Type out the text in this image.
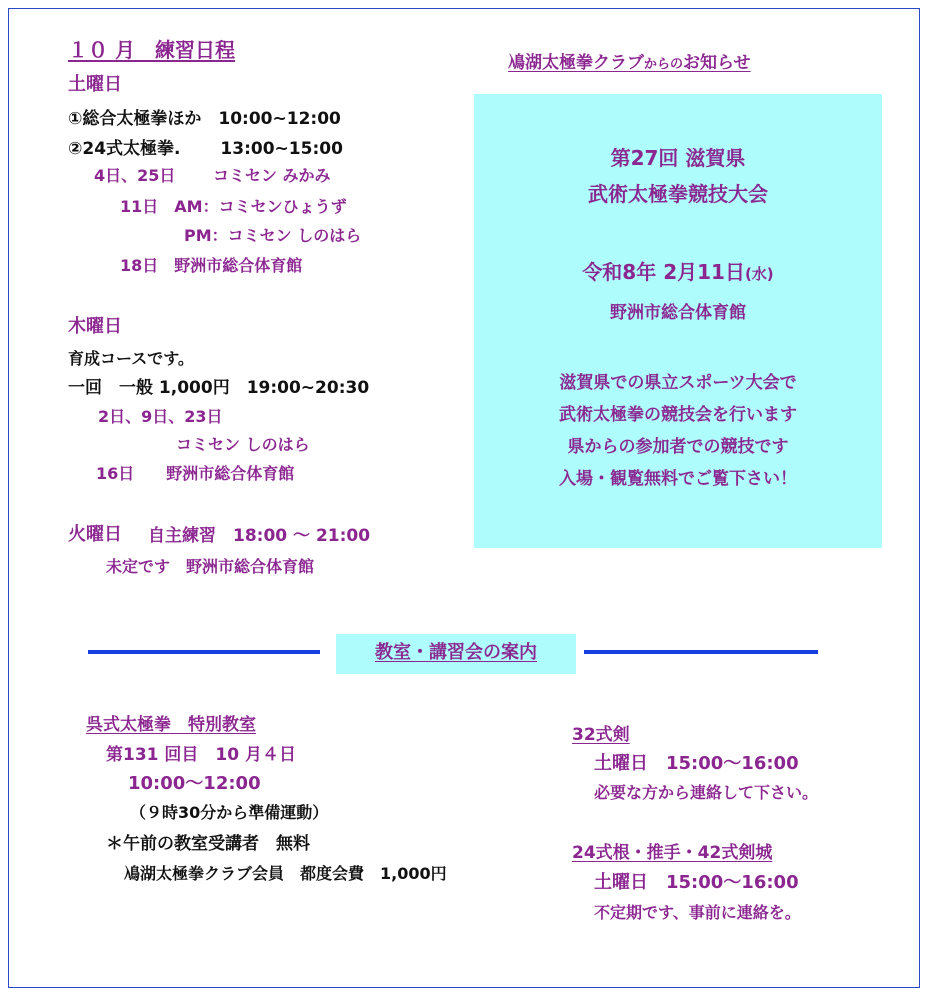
１０ 月　練習日程
土曜日
①総合太極拳ほか　10:00~12:00
②24式太極拳.　　 13:00~15:00
4日、25日　　 コミセン みかみ
11日　AM：コミセンひょうず
PM：コミセン しのはら
18日　野洲市総合体育館
木曜日
育成コースです。
一回　一般 1,000円　19:00~20:30
2日、9日、23日
コミセン しのはら
16日　　野洲市総合体育館
火曜日 自主練習　18:00 ～ 21:00
未定です　野洲市総合体育館
鳰湖太極拳クラブからのお知らせ
第27回 滋賀県
武術太極拳競技大会
令和8年 2月11日(水)
野洲市総合体育館
滋賀県での県立スポーツ大会で
武術太極拳の競技会を行います
県からの参加者での競技です
入場・観覧無料でご覧下さい！
教室・講習会の案内
呉式太極拳　特別教室
第131 回目　10 月４日
10:00〜12:00
（９時30分から準備運動）
＊午前の教室受講者　無料
鳰湖太極拳クラブ会員　都度会費　1,000円
32式剣
土曜日　15:00〜16:00
必要な方から連絡して下さい。
24式根・推手・42式剣城
土曜日　15:00〜16:00
不定期です、事前に連絡を。
